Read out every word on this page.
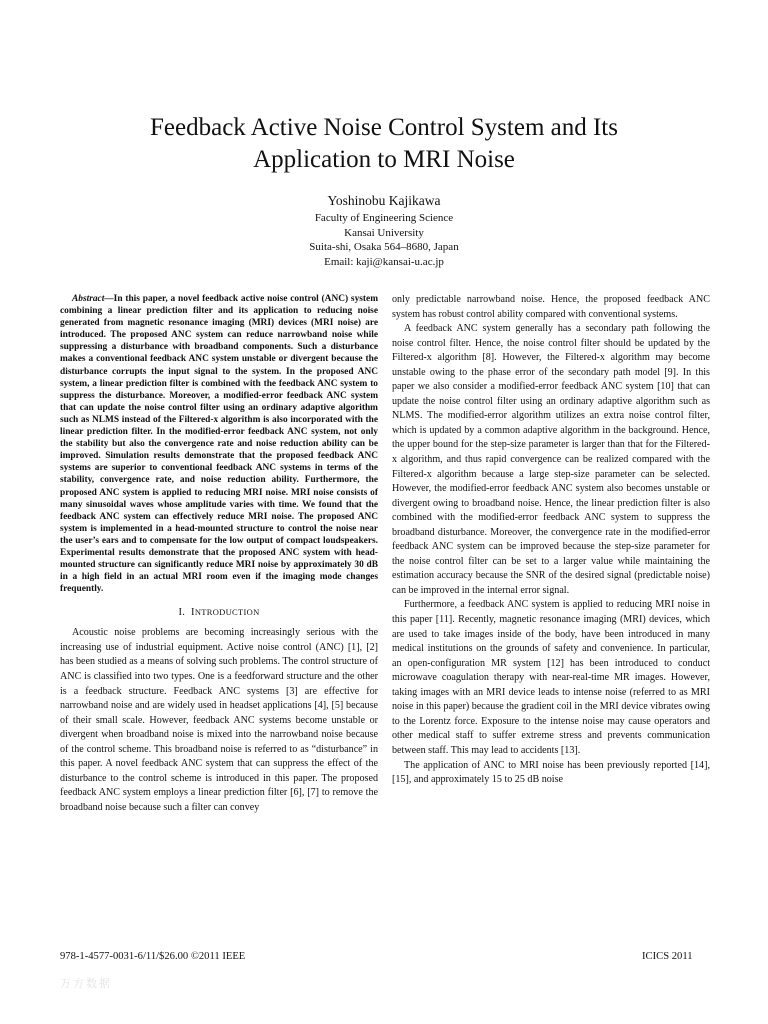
Feedback Active Noise Control System and Its
Application to MRI Noise
Yoshinobu Kajikawa
Faculty of Engineering Science
Kansai University
Suita-shi, Osaka 564–8680, Japan
Email: kaji@kansai-u.ac.jp

Abstract—In this paper, a novel feedback active noise control (ANC) system combining a linear prediction filter and its application to reducing noise generated from magnetic resonance imaging (MRI) devices (MRI noise) are introduced. The proposed ANC system can reduce narrowband noise while suppressing a disturbance with broadband components. Such a disturbance makes a conventional feedback ANC system unstable or divergent because the disturbance corrupts the input signal to the system. In the proposed ANC system, a linear prediction filter is combined with the feedback ANC system to suppress the disturbance. Moreover, a modified-error feedback ANC system that can update the noise control filter using an ordinary adaptive algorithm such as NLMS instead of the Filtered-x algorithm is also incorporated with the linear prediction filter. In the modified-error feedback ANC system, not only the stability but also the convergence rate and noise reduction ability can be improved. Simulation results demonstrate that the proposed feedback ANC systems are superior to conventional feedback ANC systems in terms of the stability, convergence rate, and noise reduction ability. Furthermore, the proposed ANC system is applied to reducing MRI noise. MRI noise consists of many sinusoidal waves whose amplitude varies with time. We found that the feedback ANC system can effectively reduce MRI noise. The proposed ANC system is implemented in a head-mounted structure to control the noise near the user’s ears and to compensate for the low output of compact loudspeakers. Experimental results demonstrate that the proposed ANC system with head-mounted structure can significantly reduce MRI noise by approximately 30 dB in a high field in an actual MRI room even if the imaging mode changes frequently.

I. INTRODUCTION

Acoustic noise problems are becoming increasingly serious with the increasing use of industrial equipment. Active noise control (ANC) [1], [2] has been studied as a means of solving such problems. The control structure of ANC is classified into two types. One is a feedforward structure and the other is a feedback structure. Feedback ANC systems [3] are effective for narrowband noise and are widely used in headset applications [4], [5] because of their small scale. However, feedback ANC systems become unstable or divergent when broadband noise is mixed into the narrowband noise because of the control scheme. This broadband noise is referred to as “disturbance” in this paper. A novel feedback ANC system that can suppress the effect of the disturbance to the control scheme is introduced in this paper. The proposed feedback ANC system employs a linear prediction filter [6], [7] to remove the broadband noise because such a filter can convey

only predictable narrowband noise. Hence, the proposed feedback ANC system has robust control ability compared with conventional systems.

A feedback ANC system generally has a secondary path following the noise control filter. Hence, the noise control filter should be updated by the Filtered-x algorithm [8]. However, the Filtered-x algorithm may become unstable owing to the phase error of the secondary path model [9]. In this paper we also consider a modified-error feedback ANC system [10] that can update the noise control filter using an ordinary adaptive algorithm such as NLMS. The modified-error algorithm utilizes an extra noise control filter, which is updated by a common adaptive algorithm in the background. Hence, the upper bound for the step-size parameter is larger than that for the Filtered-x algorithm, and thus rapid convergence can be realized compared with the Filtered-x algorithm because a large step-size parameter can be selected. However, the modified-error feedback ANC system also becomes unstable or divergent owing to broadband noise. Hence, the linear prediction filter is also combined with the modified-error feedback ANC system to suppress the broadband disturbance. Moreover, the convergence rate in the modified-error feedback ANC system can be improved because the step-size parameter for the noise control filter can be set to a larger value while maintaining the estimation accuracy because the SNR of the desired signal (predictable noise) can be improved in the internal error signal.

Furthermore, a feedback ANC system is applied to reducing MRI noise in this paper [11]. Recently, magnetic resonance imaging (MRI) devices, which are used to take images inside of the body, have been introduced in many medical institutions on the grounds of safety and convenience. In particular, an open-configuration MR system [12] has been introduced to conduct microwave coagulation therapy with near-real-time MR images. However, taking images with an MRI device leads to intense noise (referred to as MRI noise in this paper) because the gradient coil in the MRI device vibrates owing to the Lorentz force. Exposure to the intense noise may cause operators and other medical staff to suffer extreme stress and prevents communication between staff. This may lead to accidents [13].

The application of ANC to MRI noise has been previously reported [14], [15], and approximately 15 to 25 dB noise

978-1-4577-0031-6/11/$26.00 ©2011 IEEE	ICICS 2011
万方数据
